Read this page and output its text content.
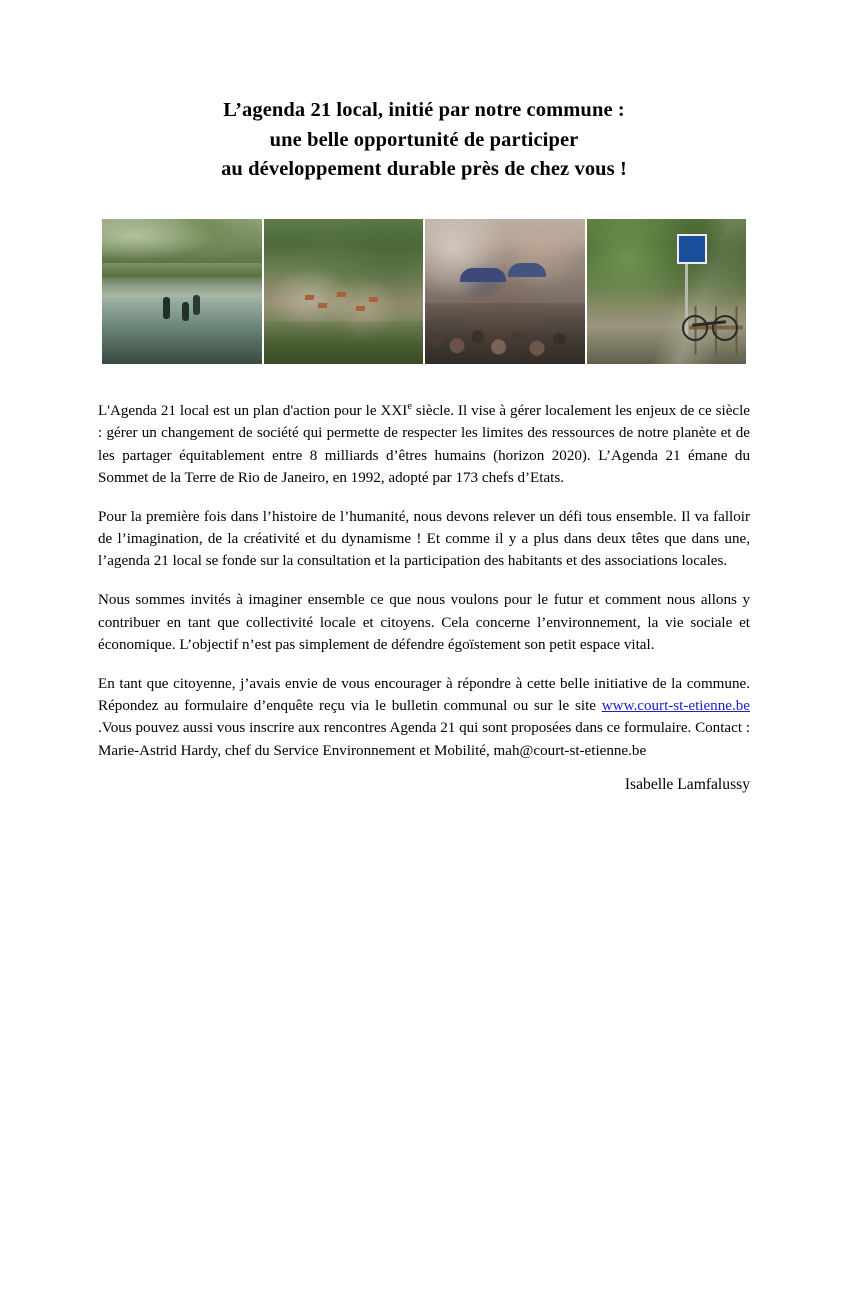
L’agenda 21 local, initié par notre commune :
une belle opportunité de participer
au développement durable près de chez vous !

L'Agenda 21 local est un plan d'action pour le XXIe siècle. Il vise à gérer localement les enjeux de ce siècle : gérer un changement de société qui permette de respecter les limites des ressources de notre planète et de les partager équitablement entre 8 milliards d’êtres humains (horizon 2020). L’Agenda 21 émane du Sommet de la Terre de Rio de Janeiro, en 1992, adopté par 173 chefs d’Etats.

Pour la première fois dans l’histoire de l’humanité, nous devons relever un défi tous ensemble. Il va falloir de l’imagination, de la créativité et du dynamisme ! Et comme il y a plus dans deux têtes que dans une, l’agenda 21 local se fonde sur la consultation et la participation des habitants et des associations locales.

Nous sommes invités à imaginer ensemble ce que nous voulons pour le futur et comment nous allons y contribuer en tant que collectivité locale et citoyens. Cela concerne l’environnement, la vie sociale et économique. L’objectif n’est pas simplement de défendre égoïstement son petit espace vital.

En tant que citoyenne, j’avais envie de vous encourager à répondre à cette belle initiative de la commune. Répondez au formulaire d’enquête reçu via le bulletin communal ou sur le site www.court-st-etienne.be .Vous pouvez aussi vous inscrire aux rencontres Agenda 21 qui sont proposées dans ce formulaire. Contact : Marie-Astrid Hardy, chef du Service Environnement et Mobilité, mah@court-st-etienne.be

Isabelle Lamfalussy
